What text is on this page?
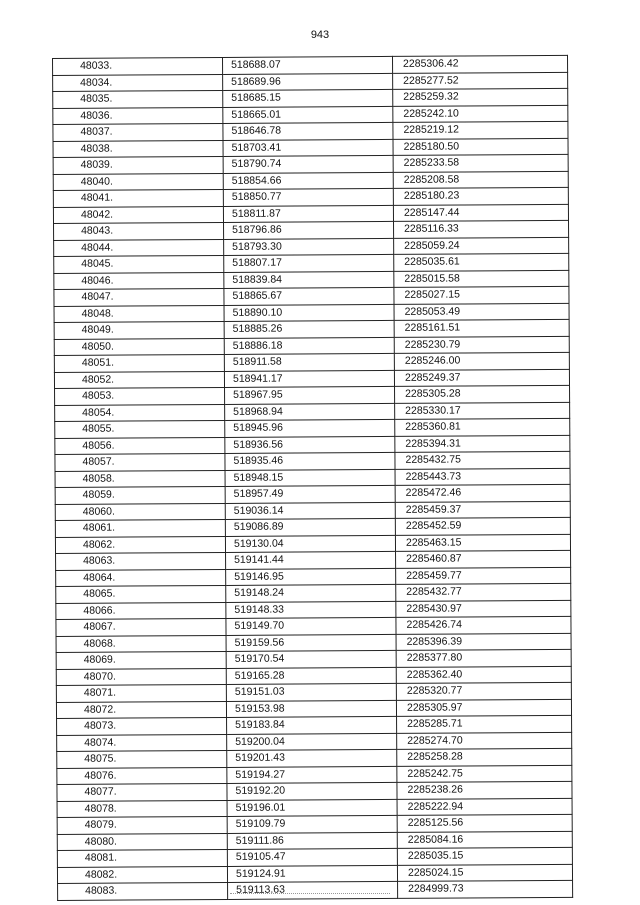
943
48033.	518688.07	2285306.42
48034.	518689.96	2285277.52
48035.	518685.15	2285259.32
48036.	518665.01	2285242.10
48037.	518646.78	2285219.12
48038.	518703.41	2285180.50
48039.	518790.74	2285233.58
48040.	518854.66	2285208.58
48041.	518850.77	2285180.23
48042.	518811.87	2285147.44
48043.	518796.86	2285116.33
48044.	518793.30	2285059.24
48045.	518807.17	2285035.61
48046.	518839.84	2285015.58
48047.	518865.67	2285027.15
48048.	518890.10	2285053.49
48049.	518885.26	2285161.51
48050.	518886.18	2285230.79
48051.	518911.58	2285246.00
48052.	518941.17	2285249.37
48053.	518967.95	2285305.28
48054.	518968.94	2285330.17
48055.	518945.96	2285360.81
48056.	518936.56	2285394.31
48057.	518935.46	2285432.75
48058.	518948.15	2285443.73
48059.	518957.49	2285472.46
48060.	519036.14	2285459.37
48061.	519086.89	2285452.59
48062.	519130.04	2285463.15
48063.	519141.44	2285460.87
48064.	519146.95	2285459.77
48065.	519148.24	2285432.77
48066.	519148.33	2285430.97
48067.	519149.70	2285426.74
48068.	519159.56	2285396.39
48069.	519170.54	2285377.80
48070.	519165.28	2285362.40
48071.	519151.03	2285320.77
48072.	519153.98	2285305.97
48073.	519183.84	2285285.71
48074.	519200.04	2285274.70
48075.	519201.43	2285258.28
48076.	519194.27	2285242.75
48077.	519192.20	2285238.26
48078.	519196.01	2285222.94
48079.	519109.79	2285125.56
48080.	519111.86	2285084.16
48081.	519105.47	2285035.15
48082.	519124.91	2285024.15
48083.	519113.63	2284999.73
